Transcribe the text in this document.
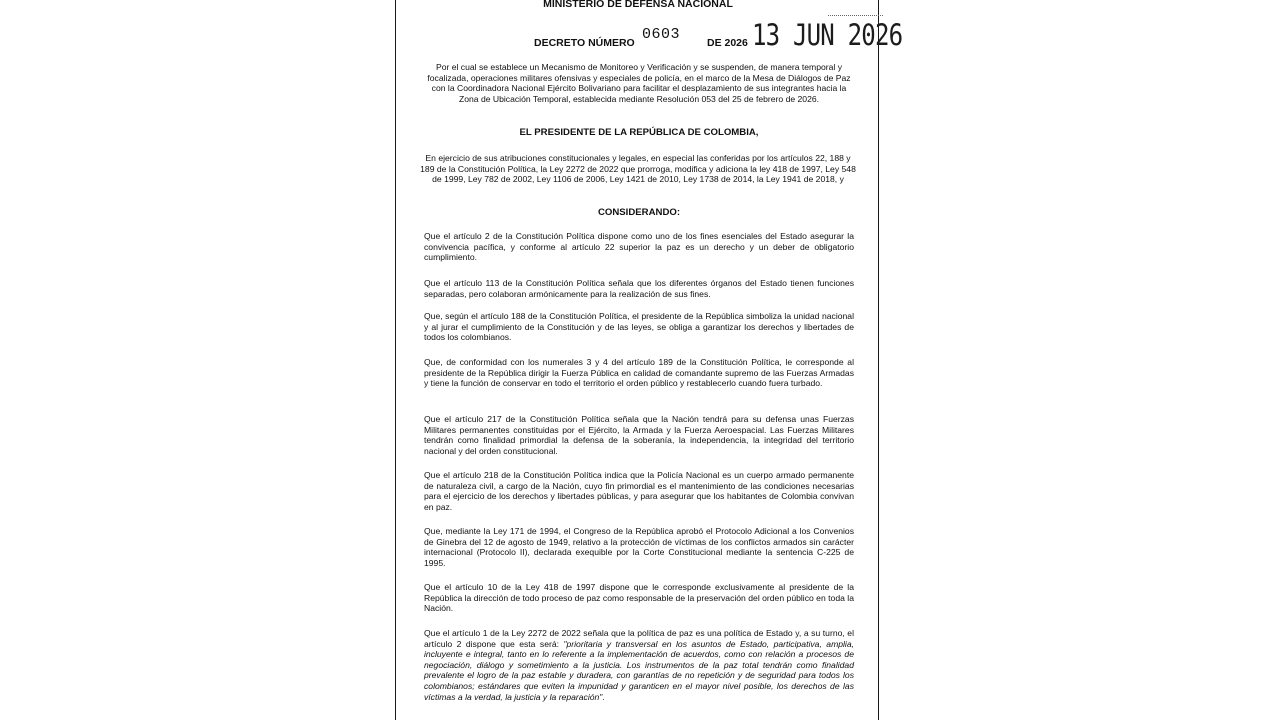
MINISTERIO DE DEFENSA NACIONAL
DECRETO NÚMERO 0603	DE 2026 13 JUN 2026
Por el cual se establece un Mecanismo de Monitoreo y Verificación y se suspenden, de manera temporal y focalizada, operaciones militares ofensivas y especiales de policía, en el marco de la Mesa de Diálogos de Paz con la Coordinadora Nacional Ejército Bolivariano para facilitar el desplazamiento de sus integrantes hacia la Zona de Ubicación Temporal, establecida mediante Resolución 053 del 25 de febrero de 2026.
EL PRESIDENTE DE LA REPÚBLICA DE COLOMBIA,
En ejercicio de sus atribuciones constitucionales y legales, en especial las conferidas por los artículos 22, 188 y 189 de la Constitución Política, la Ley 2272 de 2022 que prorroga, modifica y adiciona la ley 418 de 1997, Ley 548 de 1999, Ley 782 de 2002, Ley 1106 de 2006, Ley 1421 de 2010, Ley 1738 de 2014, la Ley 1941 de 2018, y
CONSIDERANDO:
Que el artículo 2 de la Constitución Política dispone como uno de los fines esenciales del Estado asegurar la convivencia pacífica, y conforme al artículo 22 superior la paz es un derecho y un deber de obligatorio cumplimiento.
Que el artículo 113 de la Constitución Política señala que los diferentes órganos del Estado tienen funciones separadas, pero colaboran armónicamente para la realización de sus fines.
Que, según el artículo 188 de la Constitución Política, el presidente de la República simboliza la unidad nacional y al jurar el cumplimiento de la Constitución y de las leyes, se obliga a garantizar los derechos y libertades de todos los colombianos.
Que, de conformidad con los numerales 3 y 4 del artículo 189 de la Constitución Política, le corresponde al presidente de la República dirigir la Fuerza Pública en calidad de comandante supremo de las Fuerzas Armadas y tiene la función de conservar en todo el territorio el orden público y restablecerlo cuando fuera turbado.
Que el artículo 217 de la Constitución Política señala que la Nación tendrá para su defensa unas Fuerzas Militares permanentes constituidas por el Ejército, la Armada y la Fuerza Aeroespacial. Las Fuerzas Militares tendrán como finalidad primordial la defensa de la soberanía, la independencia, la integridad del territorio nacional y del orden constitucional.
Que el artículo 218 de la Constitución Política indica que la Policía Nacional es un cuerpo armado permanente de naturaleza civil, a cargo de la Nación, cuyo fin primordial es el mantenimiento de las condiciones necesarias para el ejercicio de los derechos y libertades públicas, y para asegurar que los habitantes de Colombia convivan en paz.
Que, mediante la Ley 171 de 1994, el Congreso de la República aprobó el Protocolo Adicional a los Convenios de Ginebra del 12 de agosto de 1949, relativo a la protección de víctimas de los conflictos armados sin carácter internacional (Protocolo II), declarada exequible por la Corte Constitucional mediante la sentencia C-225 de 1995.
Que el artículo 10 de la Ley 418 de 1997 dispone que le corresponde exclusivamente al presidente de la República la dirección de todo proceso de paz como responsable de la preservación del orden público en toda la Nación.
Que el artículo 1 de la Ley 2272 de 2022 señala que la política de paz es una política de Estado y, a su turno, el artículo 2 dispone que esta será: "prioritaria y transversal en los asuntos de Estado, participativa, amplia, incluyente e integral, tanto en lo referente a la implementación de acuerdos, como con relación a procesos de negociación, diálogo y sometimiento a la justicia. Los instrumentos de la paz total tendrán como finalidad prevalente el logro de la paz estable y duradera, con garantías de no repetición y de seguridad para todos los colombianos; estándares que eviten la impunidad y garanticen en el mayor nivel posible, los derechos de las víctimas a la verdad, la justicia y la reparación".
